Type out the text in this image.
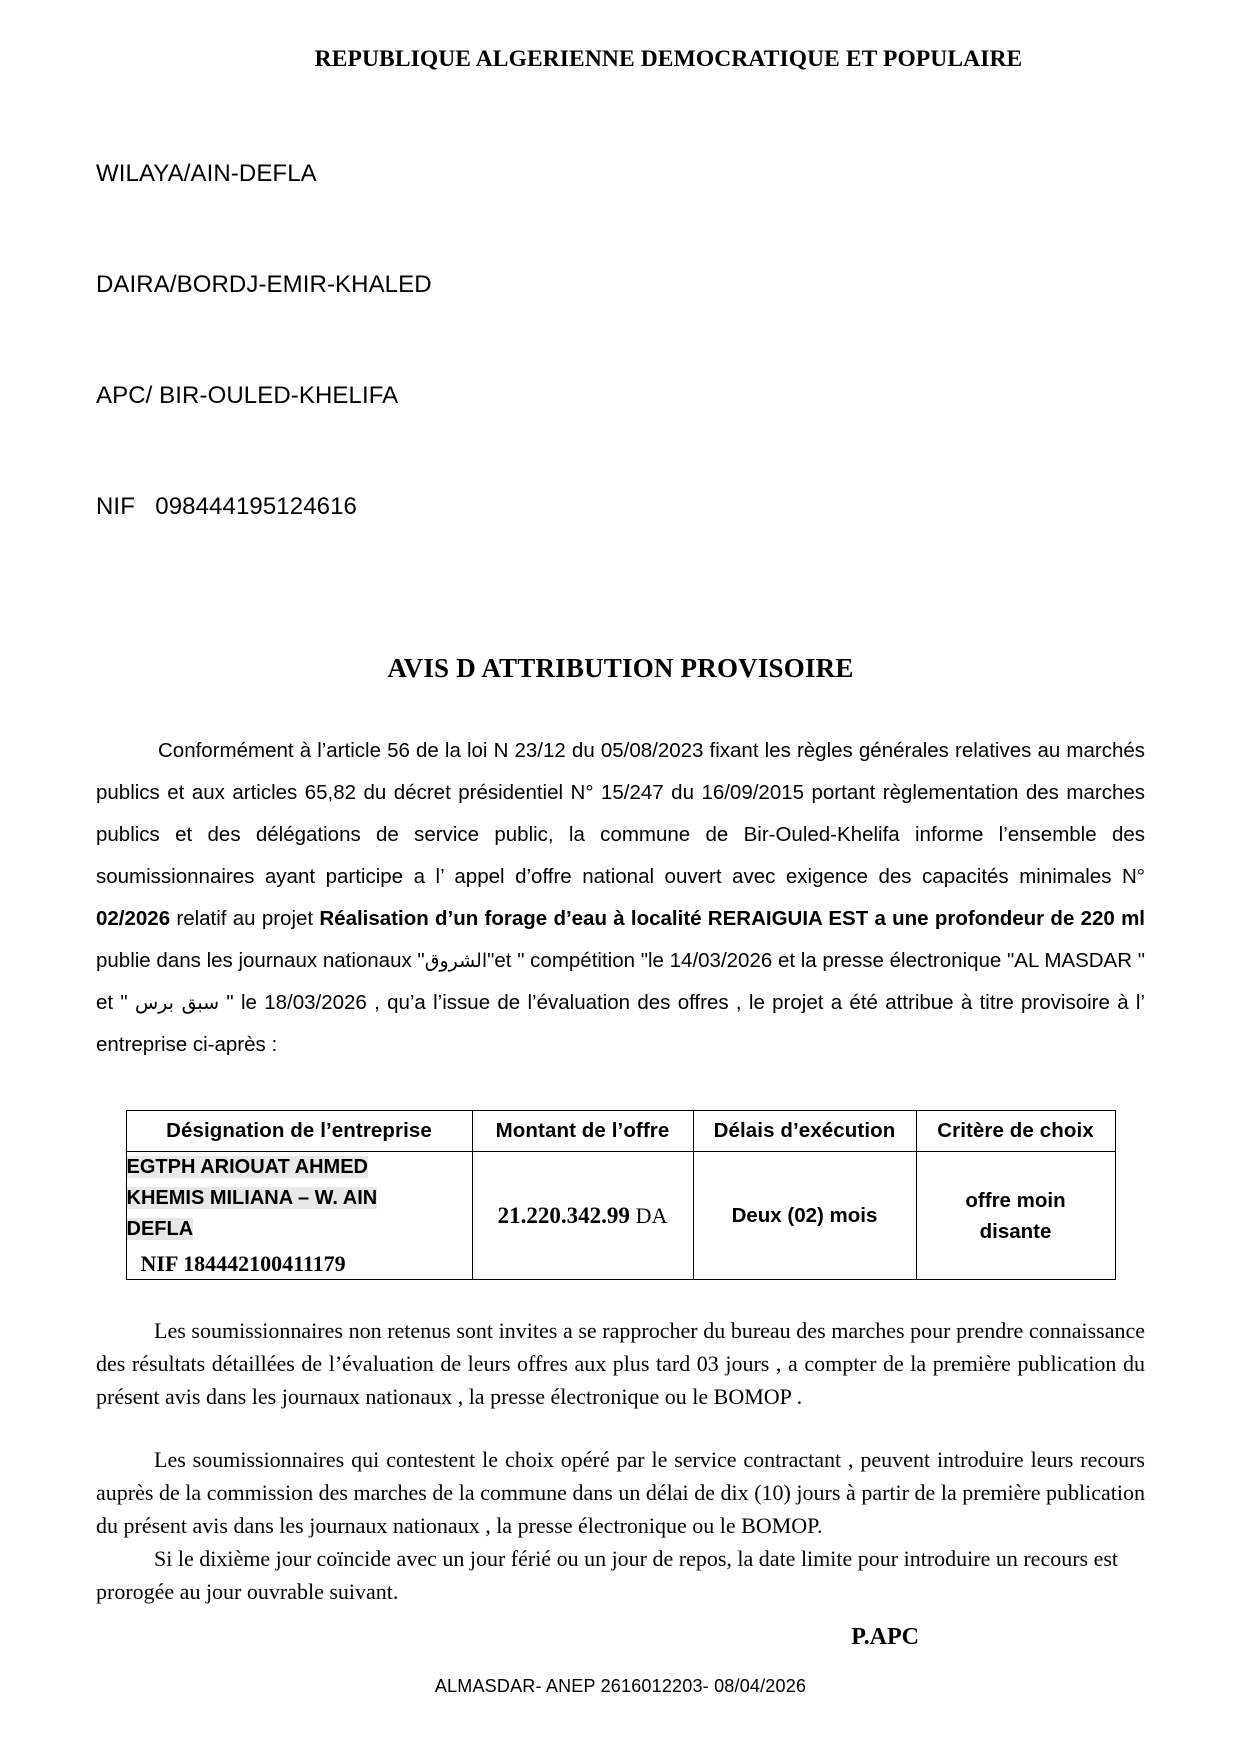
REPUBLIQUE ALGERIENNE DEMOCRATIQUE ET POPULAIRE

WILAYA/AIN-DEFLA

DAIRA/BORDJ-EMIR-KHALED

APC/ BIR-OULED-KHELIFA

NIF   098444195124616

AVIS D ATTRIBUTION PROVISOIRE
Conformément à l’article 56 de la loi N 23/12 du 05/08/2023 fixant les règles générales relatives au marchés publics et aux articles 65,82 du décret présidentiel N° 15/247 du 16/09/2015 portant règlementation des marches publics et des délégations de service public, la commune de Bir-Ouled-Khelifa informe l’ensemble des soumissionnaires ayant participe a l’ appel d’offre national ouvert avec exigence des capacités minimales N° 02/2026 relatif au projet Réalisation d’un forage d’eau à localité RERAIGUIA EST a une profondeur de 220 ml publie dans les journaux nationaux "الشروق"et " compétition "le 14/03/2026 et la presse électronique "AL MASDAR " et " سبق برس " le 18/03/2026 , qu’a l’issue de l’évaluation des offres , le projet a été attribue à titre provisoire à l’ entreprise ci-après :
Désignation de l’entreprise	Montant de l’offre	Délais d’exécution	Critère de choix
EGTPH ARIOUAT AHMED
KHEMIS MILIANA – W. AIN
DEFLA
NIF 184442100411179	21.220.342.99 DA	Deux (02) mois	offre moin
disante
Les soumissionnaires non retenus sont invites a se rapprocher du bureau des marches pour prendre connaissance des résultats détaillées de l’évaluation de leurs offres aux plus tard 03 jours , a compter de la première publication du présent avis dans les journaux nationaux , la presse électronique ou le BOMOP .
Les soumissionnaires qui contestent le choix opéré par le service contractant , peuvent introduire leurs recours auprès de la commission des marches de la commune dans un délai de dix (10) jours à partir de la première publication du présent avis dans les journaux nationaux , la presse électronique ou le BOMOP.
Si le dixième jour coïncide avec un jour férié ou un jour de repos, la date limite pour introduire un recours est prorogée au jour ouvrable suivant.
P.APC
ALMASDAR- ANEP 2616012203- 08/04/2026
